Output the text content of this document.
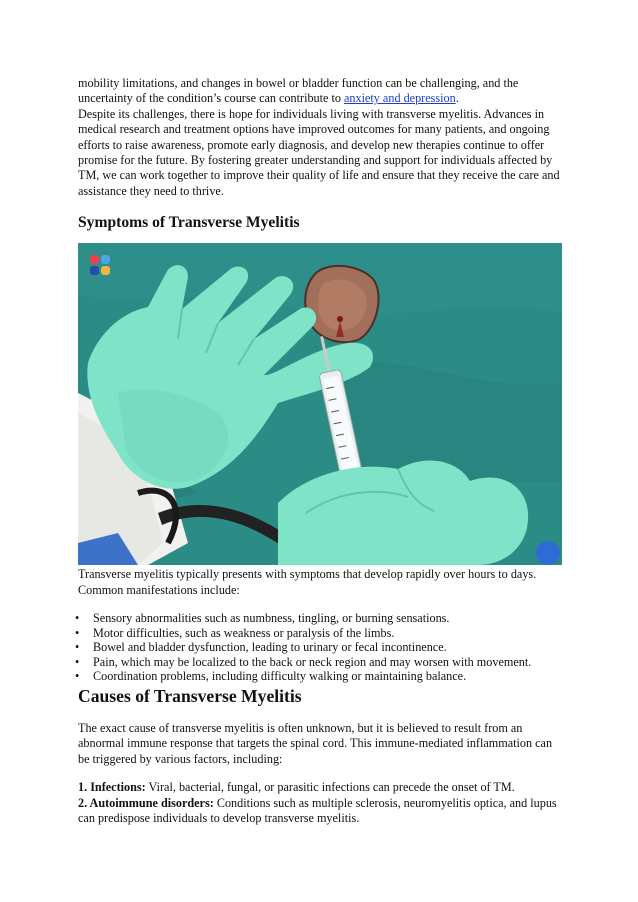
mobility limitations, and changes in bowel or bladder function can be challenging, and the
uncertainty of the condition’s course can contribute to anxiety and depression.

Despite its challenges, there is hope for individuals living with transverse myelitis. Advances in medical research and treatment options have improved outcomes for many patients, and ongoing efforts to raise awareness, promote early diagnosis, and develop new therapies continue to offer promise for the future. By fostering greater understanding and support for individuals affected by TM, we can work together to improve their quality of life and ensure that they receive the care and assistance they need to thrive.

Symptoms of Transverse Myelitis

Transverse myelitis typically presents with symptoms that develop rapidly over hours to days. Common manifestations include:

• Sensory abnormalities such as numbness, tingling, or burning sensations.
• Motor difficulties, such as weakness or paralysis of the limbs.
• Bowel and bladder dysfunction, leading to urinary or fecal incontinence.
• Pain, which may be localized to the back or neck region and may worsen with movement.
• Coordination problems, including difficulty walking or maintaining balance.
Causes of Transverse Myelitis

The exact cause of transverse myelitis is often unknown, but it is believed to result from an abnormal immune response that targets the spinal cord. This immune-mediated inflammation can be triggered by various factors, including:

1. Infections: Viral, bacterial, fungal, or parasitic infections can precede the onset of TM.

2. Autoimmune disorders: Conditions such as multiple sclerosis, neuromyelitis optica, and lupus can predispose individuals to develop transverse myelitis.
